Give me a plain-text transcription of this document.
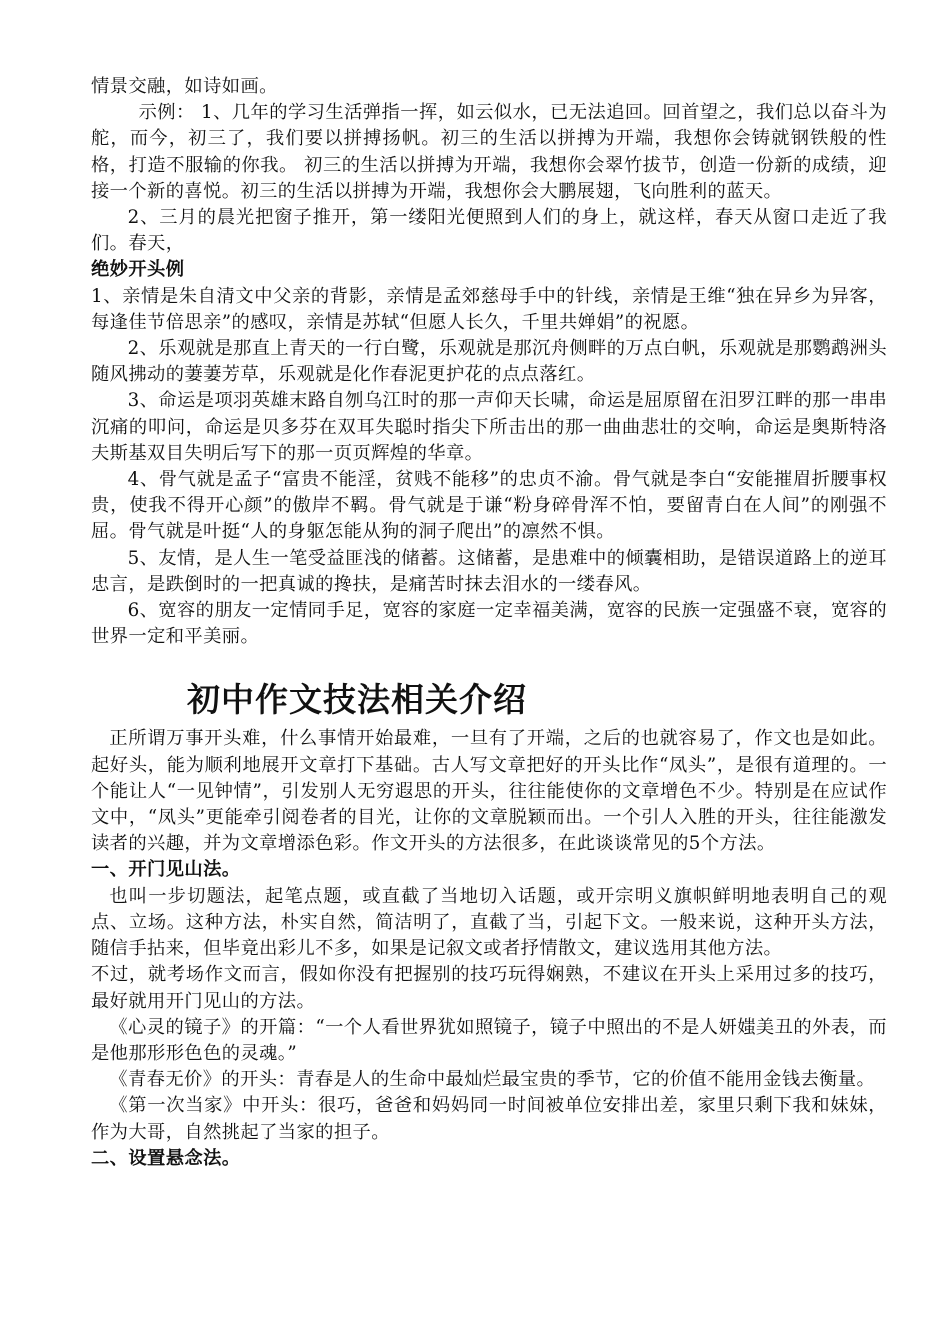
情景交融，如诗如画。

示例： 1、几年的学习生活弹指一挥，如云似水，已无法追回。回首望之，我们总以奋斗为舵，而今，初三了，我们要以拼搏扬帆。初三的生活以拼搏为开端，我想你会铸就钢铁般的性格，打造不服输的你我。 初三的生活以拼搏为开端，我想你会翠竹拔节，创造一份新的成绩，迎接一个新的喜悦。初三的生活以拼搏为开端，我想你会大鹏展翅，飞向胜利的蓝天。

2、三月的晨光把窗子推开，第一缕阳光便照到人们的身上，就这样，春天从窗口走近了我们。春天，

绝妙开头例

1、亲情是朱自清文中父亲的背影，亲情是孟郊慈母手中的针线，亲情是王维“独在异乡为异客，每逢佳节倍思亲”的感叹，亲情是苏轼“但愿人长久，千里共婵娟”的祝愿。

2、乐观就是那直上青天的一行白鹭，乐观就是那沉舟侧畔的万点白帆，乐观就是那鹦鹉洲头随风拂动的萋萋芳草，乐观就是化作春泥更护花的点点落红。

3、命运是项羽英雄末路自刎乌江时的那一声仰天长啸，命运是屈原留在汨罗江畔的那一串串沉痛的叩问，命运是贝多芬在双耳失聪时指尖下所击出的那一曲曲悲壮的交响，命运是奥斯特洛夫斯基双目失明后写下的那一页页辉煌的华章。

4、骨气就是孟子“富贵不能淫，贫贱不能移”的忠贞不渝。骨气就是李白“安能摧眉折腰事权贵，使我不得开心颜”的傲岸不羁。骨气就是于谦“粉身碎骨浑不怕，要留青白在人间”的刚强不屈。骨气就是叶挺“人的身躯怎能从狗的洞子爬出”的凛然不惧。

5、友情，是人生一笔受益匪浅的储蓄。这储蓄，是患难中的倾囊相助，是错误道路上的逆耳忠言，是跌倒时的一把真诚的搀扶，是痛苦时抹去泪水的一缕春风。

6、宽容的朋友一定情同手足，宽容的家庭一定幸福美满，宽容的民族一定强盛不衰，宽容的世界一定和平美丽。

初中作文技法相关介绍

正所谓万事开头难，什么事情开始最难，一旦有了开端，之后的也就容易了，作文也是如此。起好头，能为顺利地展开文章打下基础。古人写文章把好的开头比作“凤头”，是很有道理的。一个能让人“一见钟情”，引发别人无穷遐思的开头，往往能使你的文章增色不少。特别是在应试作文中，“凤头”更能牵引阅卷者的目光，让你的文章脱颖而出。一个引人入胜的开头，往往能激发读者的兴趣，并为文章增添色彩。作文开头的方法很多，在此谈谈常见的5个方法。

一、开门见山法。

也叫一步切题法，起笔点题，或直截了当地切入话题，或开宗明义旗帜鲜明地表明自己的观点、立场。这种方法，朴实自然，简洁明了，直截了当，引起下文。一般来说，这种开头方法，随信手拈来，但毕竟出彩儿不多，如果是记叙文或者抒情散文，建议选用其他方法。

不过，就考场作文而言，假如你没有把握别的技巧玩得娴熟，不建议在开头上采用过多的技巧，最好就用开门见山的方法。

《心灵的镜子》的开篇：“一个人看世界犹如照镜子，镜子中照出的不是人妍媸美丑的外表，而是他那形形色色的灵魂。”

《青春无价》的开头：青春是人的生命中最灿烂最宝贵的季节，它的价值不能用金钱去衡量。

《第一次当家》中开头：很巧，爸爸和妈妈同一时间被单位安排出差，家里只剩下我和妹妹，作为大哥，自然挑起了当家的担子。

二、设置悬念法。
